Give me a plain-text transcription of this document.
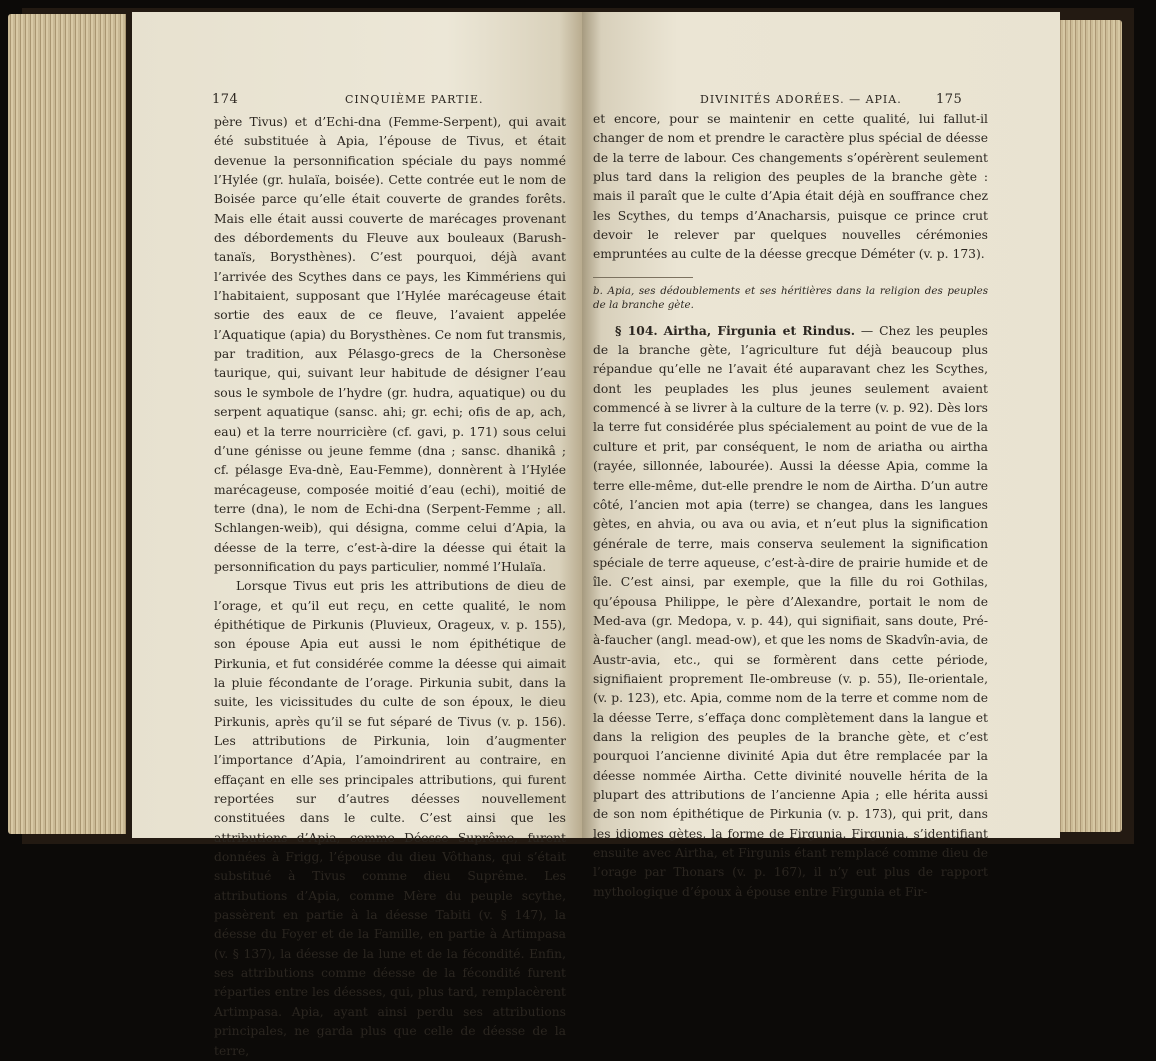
174	CINQUIÈME PARTIE.

père Tivus) et d’Echi-dna (Femme-Serpent), qui avait été substituée à Apia, l’épouse de Tivus, et était devenue la personnification spéciale du pays nommé l’Hylée (gr. hulaïa, boisée). Cette contrée eut le nom de Boisée parce qu’elle était couverte de grandes forêts. Mais elle était aussi couverte de marécages provenant des débordements du Fleuve aux bouleaux (Barush-tanaïs, Borysthènes). C’est pourquoi, déjà avant l’arrivée des Scythes dans ce pays, les Kimmériens qui l’habitaient, supposant que l’Hylée marécageuse était sortie des eaux de ce fleuve, l’avaient appelée l’Aquatique (apia) du Borysthènes. Ce nom fut transmis, par tradition, aux Pélasgo-grecs de la Chersonèse taurique, qui, suivant leur habitude de désigner l’eau sous le symbole de l’hydre (gr. hudra, aquatique) ou du serpent aquatique (sansc. ahi; gr. echi; ofis de ap, ach, eau) et la terre nourricière (cf. gavi, p. 171) sous celui d’une génisse ou jeune femme (dna ; sansc. dhanikâ ; cf. pélasge Eva-dnè, Eau-Femme), donnèrent à l’Hylée marécageuse, composée moitié d’eau (echi), moitié de terre (dna), le nom de Echi-dna (Serpent-Femme ; all. Schlangen-weib), qui désigna, comme celui d’Apia, la déesse de la terre, c’est-à-dire la déesse qui était la personnification du pays particulier, nommé l’Hulaïa.

Lorsque Tivus eut pris les attributions de dieu de l’orage, et qu’il eut reçu, en cette qualité, le nom épithétique de Pirkunis (Pluvieux, Orageux, v. p. 155), son épouse Apia eut aussi le nom épithétique de Pirkunia, et fut considérée comme la déesse qui aimait la pluie fécondante de l’orage. Pirkunia subit, dans la suite, les vicissitudes du culte de son époux, le dieu Pirkunis, après qu’il se fut séparé de Tivus (v. p. 156). Les attributions de Pirkunia, loin d’augmenter l’importance d’Apia, l’amoindrirent au contraire, en effaçant en elle ses principales attributions, qui furent reportées sur d’autres déesses nouvellement constituées dans le culte. C’est ainsi que les attributions d’Apia, comme Déesse Suprême, furent données à Frigg, l’épouse du dieu Vôthans, qui s’était substitué à Tivus comme dieu Suprême. Les attributions d’Apia, comme Mère du peuple scythe, passèrent en partie à la déesse Tabiti (v. § 147), la déesse du Foyer et de la Famille, en partie à Artimpasa (v. § 137), la déesse de la lune et de la fécondité. Enfin, ses attributions comme déesse de la fécondité furent réparties entre les déesses, qui, plus tard, remplacèrent Artimpasa. Apia, ayant ainsi perdu ses attributions principales, ne garda plus que celle de déesse de la terre,

DIVINITÉS ADORÉES. — APIA.	175

et encore, pour se maintenir en cette qualité, lui fallut-il changer de nom et prendre le caractère plus spécial de déesse de la terre de labour. Ces changements s’opérèrent seulement plus tard dans la religion des peuples de la branche gète : mais il paraît que le culte d’Apia était déjà en souffrance chez les Scythes, du temps d’Anacharsis, puisque ce prince crut devoir le relever par quelques nouvelles cérémonies empruntées au culte de la déesse grecque Déméter (v. p. 173).

b. Apia, ses dédoublements et ses héritières dans la religion des peuples de la branche gète.

§ 104. Airtha, Firgunia et Rindus. — Chez les peuples de la branche gète, l’agriculture fut déjà beaucoup plus répandue qu’elle ne l’avait été auparavant chez les Scythes, dont les peuplades les plus jeunes seulement avaient commencé à se livrer à la culture de la terre (v. p. 92). Dès lors la terre fut considérée plus spécialement au point de vue de la culture et prit, par conséquent, le nom de ariatha ou airtha (rayée, sillonnée, labourée). Aussi la déesse Apia, comme la terre elle-même, dut-elle prendre le nom de Airtha. D’un autre côté, l’ancien mot apia (terre) se changea, dans les langues gètes, en ahvia, ou ava ou avia, et n’eut plus la signification générale de terre, mais conserva seulement la signification spéciale de terre aqueuse, c’est-à-dire de prairie humide et de île. C’est ainsi, par exemple, que la fille du roi Gothilas, qu’épousa Philippe, le père d’Alexandre, portait le nom de Med-ava (gr. Medopa, v. p. 44), qui signifiait, sans doute, Pré-à-faucher (angl. mead-ow), et que les noms de Skadvîn-avia, de Austr-avia, etc., qui se formèrent dans cette période, signifiaient proprement Ile-ombreuse (v. p. 55), Ile-orientale, (v. p. 123), etc. Apia, comme nom de la terre et comme nom de la déesse Terre, s’effaça donc complètement dans la langue et dans la religion des peuples de la branche gète, et c’est pourquoi l’ancienne divinité Apia dut être remplacée par la déesse nommée Airtha. Cette divinité nouvelle hérita de la plupart des attributions de l’ancienne Apia ; elle hérita aussi de son nom épithétique de Pirkunia (v. p. 173), qui prit, dans les idiomes gètes, la forme de Firgunia. Firgunia, s’identifiant ensuite avec Airtha, et Firgunis étant remplacé comme dieu de l’orage par Thonars (v. p. 167), il n’y eut plus de rapport mythologique d’époux à épouse entre Firgunia et Fir-
